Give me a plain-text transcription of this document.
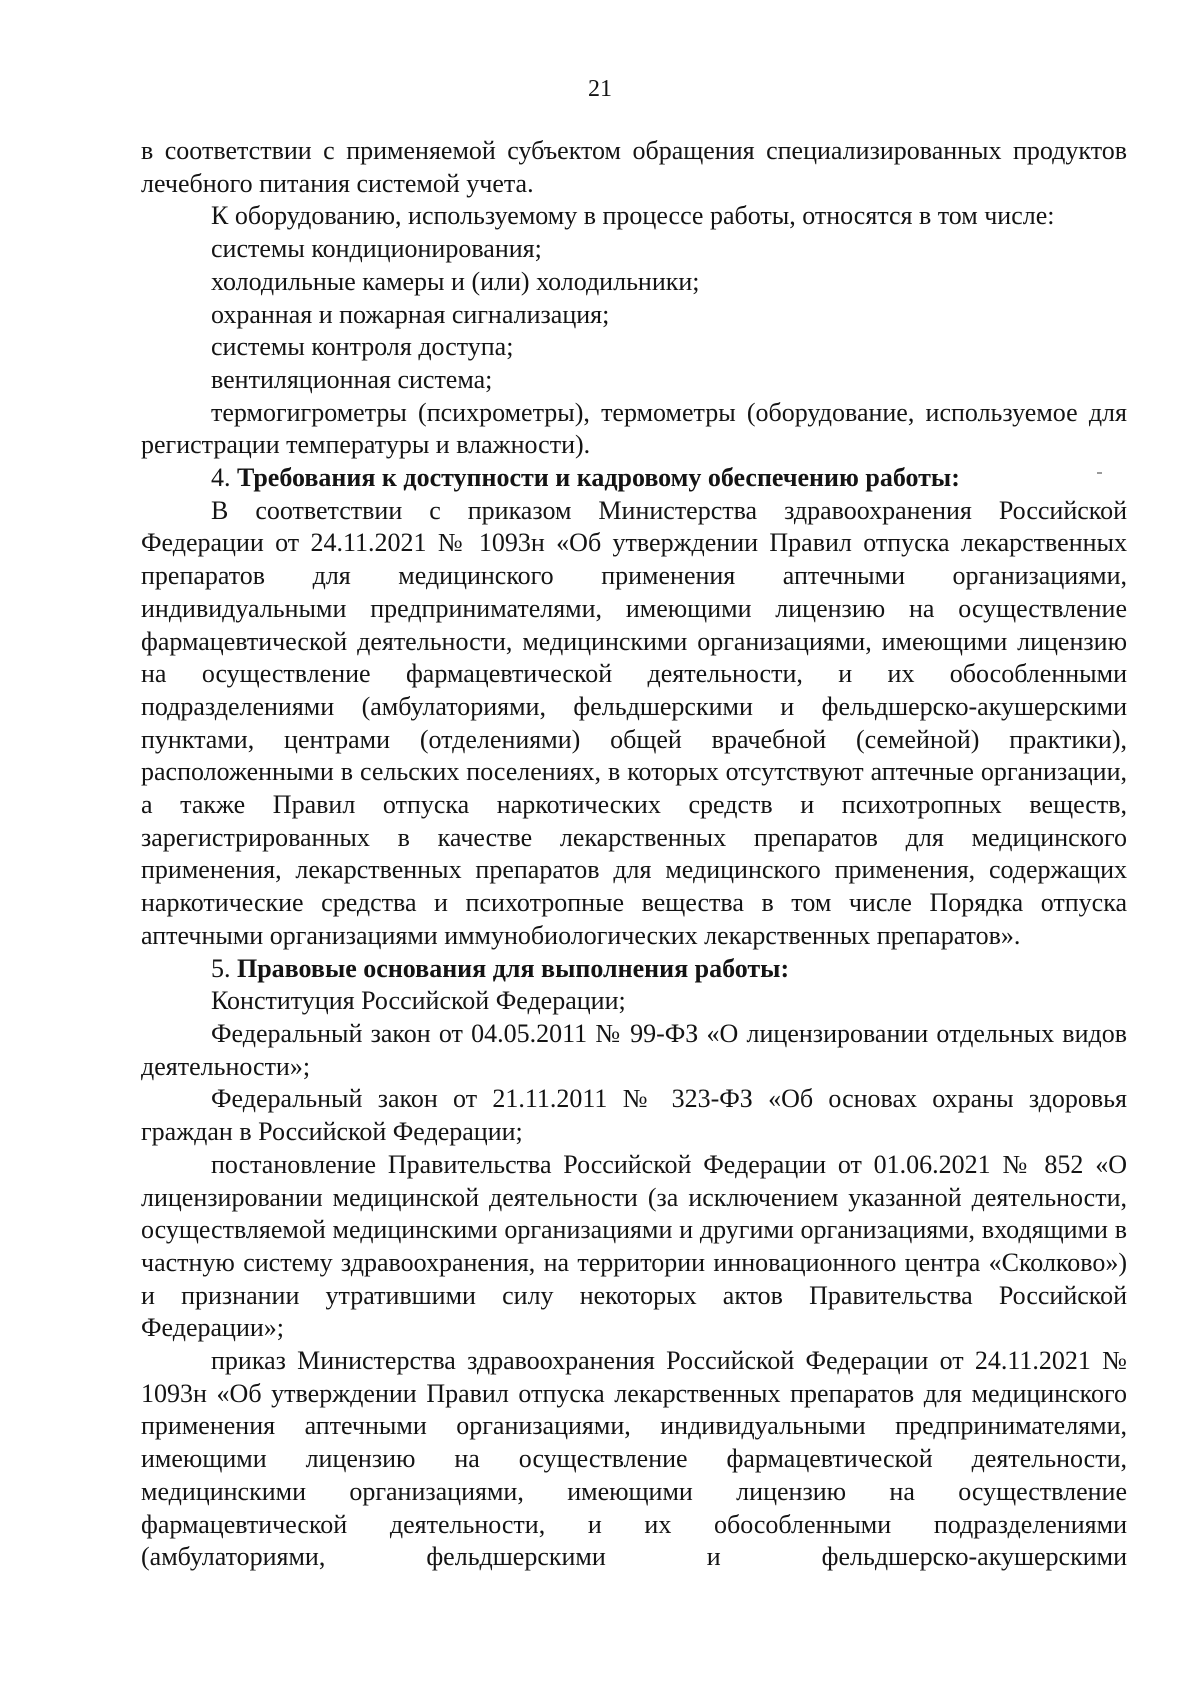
21

в соответствии с применяемой субъектом обращения специализированных продуктов лечебного питания системой учета.

К оборудованию, используемому в процессе работы, относятся в том числе:

системы кондиционирования;

холодильные камеры и (или) холодильники;

охранная и пожарная сигнализация;

системы контроля доступа;

вентиляционная система;

термогигрометры (психрометры), термометры (оборудование, используемое для регистрации температуры и влажности).

4. Требования к доступности и кадровому обеспечению работы:

В соответствии с приказом Министерства здравоохранения Российской Федерации от 24.11.2021 № 1093н «Об утверждении Правил отпуска лекарственных препаратов для медицинского применения аптечными организациями, индивидуальными предпринимателями, имеющими лицензию на осуществление фармацевтической деятельности, медицинскими организациями, имеющими лицензию на осуществление фармацевтической деятельности, и их обособленными подразделениями (амбулаториями, фельдшерскими и фельдшерско-акушерскими пунктами, центрами (отделениями) общей врачебной (семейной) практики), расположенными в сельских поселениях, в которых отсутствуют аптечные организации, а также Правил отпуска наркотических средств и психотропных веществ, зарегистрированных в качестве лекарственных препаратов для медицинского применения, лекарственных препаратов для медицинского применения, содержащих наркотические средства и психотропные вещества в том числе Порядка отпуска аптечными организациями иммунобиологических лекарственных препаратов».

5. Правовые основания для выполнения работы:

Конституция Российской Федерации;

Федеральный закон от 04.05.2011 № 99-ФЗ «О лицензировании отдельных видов деятельности»;

Федеральный закон от 21.11.2011 № 323-ФЗ «Об основах охраны здоровья граждан в Российской Федерации;

постановление Правительства Российской Федерации от 01.06.2021 № 852 «О лицензировании медицинской деятельности (за исключением указанной деятельности, осуществляемой медицинскими организациями и другими организациями, входящими в частную систему здравоохранения, на территории инновационного центра «Сколково») и признании утратившими силу некоторых актов Правительства Российской Федерации»;

приказ Министерства здравоохранения Российской Федерации от 24.11.2021 № 1093н «Об утверждении Правил отпуска лекарственных препаратов для медицинского применения аптечными организациями, индивидуальными предпринимателями, имеющими лицензию на осуществление фармацевтической деятельности, медицинскими организациями, имеющими лицензию на осуществление фармацевтической деятельности, и их обособленными подразделениями (амбулаториями, фельдшерскими и фельдшерско-акушерскими
